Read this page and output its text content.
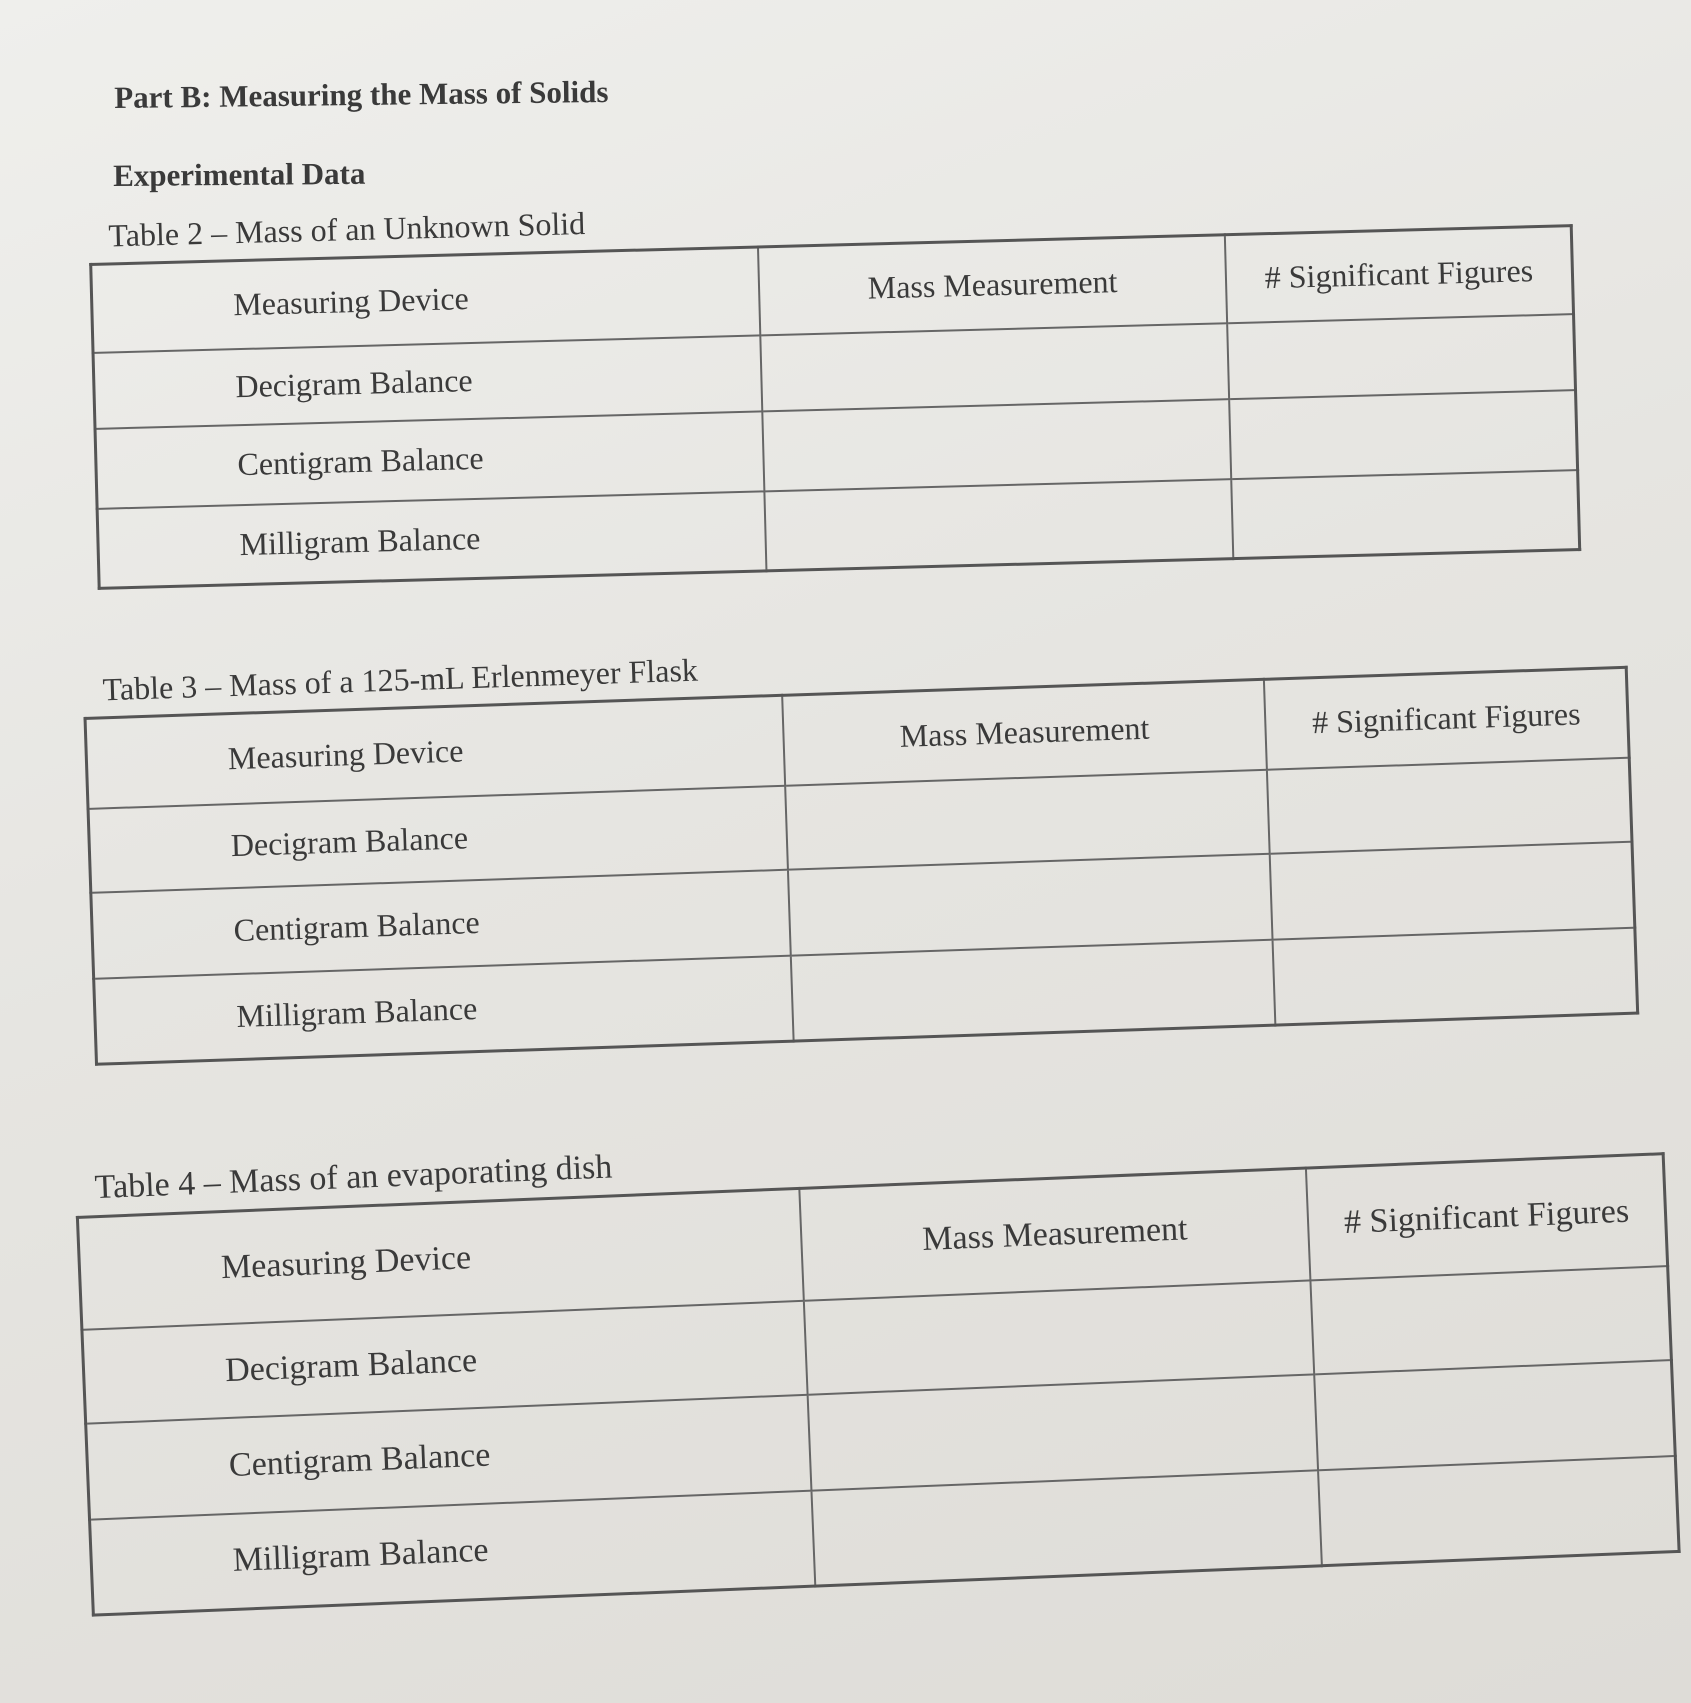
Part B: Measuring the Mass of Solids
Experimental Data
Table 2 – Mass of an Unknown Solid
Measuring Device	Mass Measurement	# Significant Figures
Decigram Balance		
Centigram Balance		
Milligram Balance		
Table 3 – Mass of a 125-mL Erlenmeyer Flask
Measuring Device	Mass Measurement	# Significant Figures
Decigram Balance		
Centigram Balance		
Milligram Balance		
Table 4 – Mass of an evaporating dish
Measuring Device	Mass Measurement	# Significant Figures
Decigram Balance		
Centigram Balance		
Milligram Balance		
